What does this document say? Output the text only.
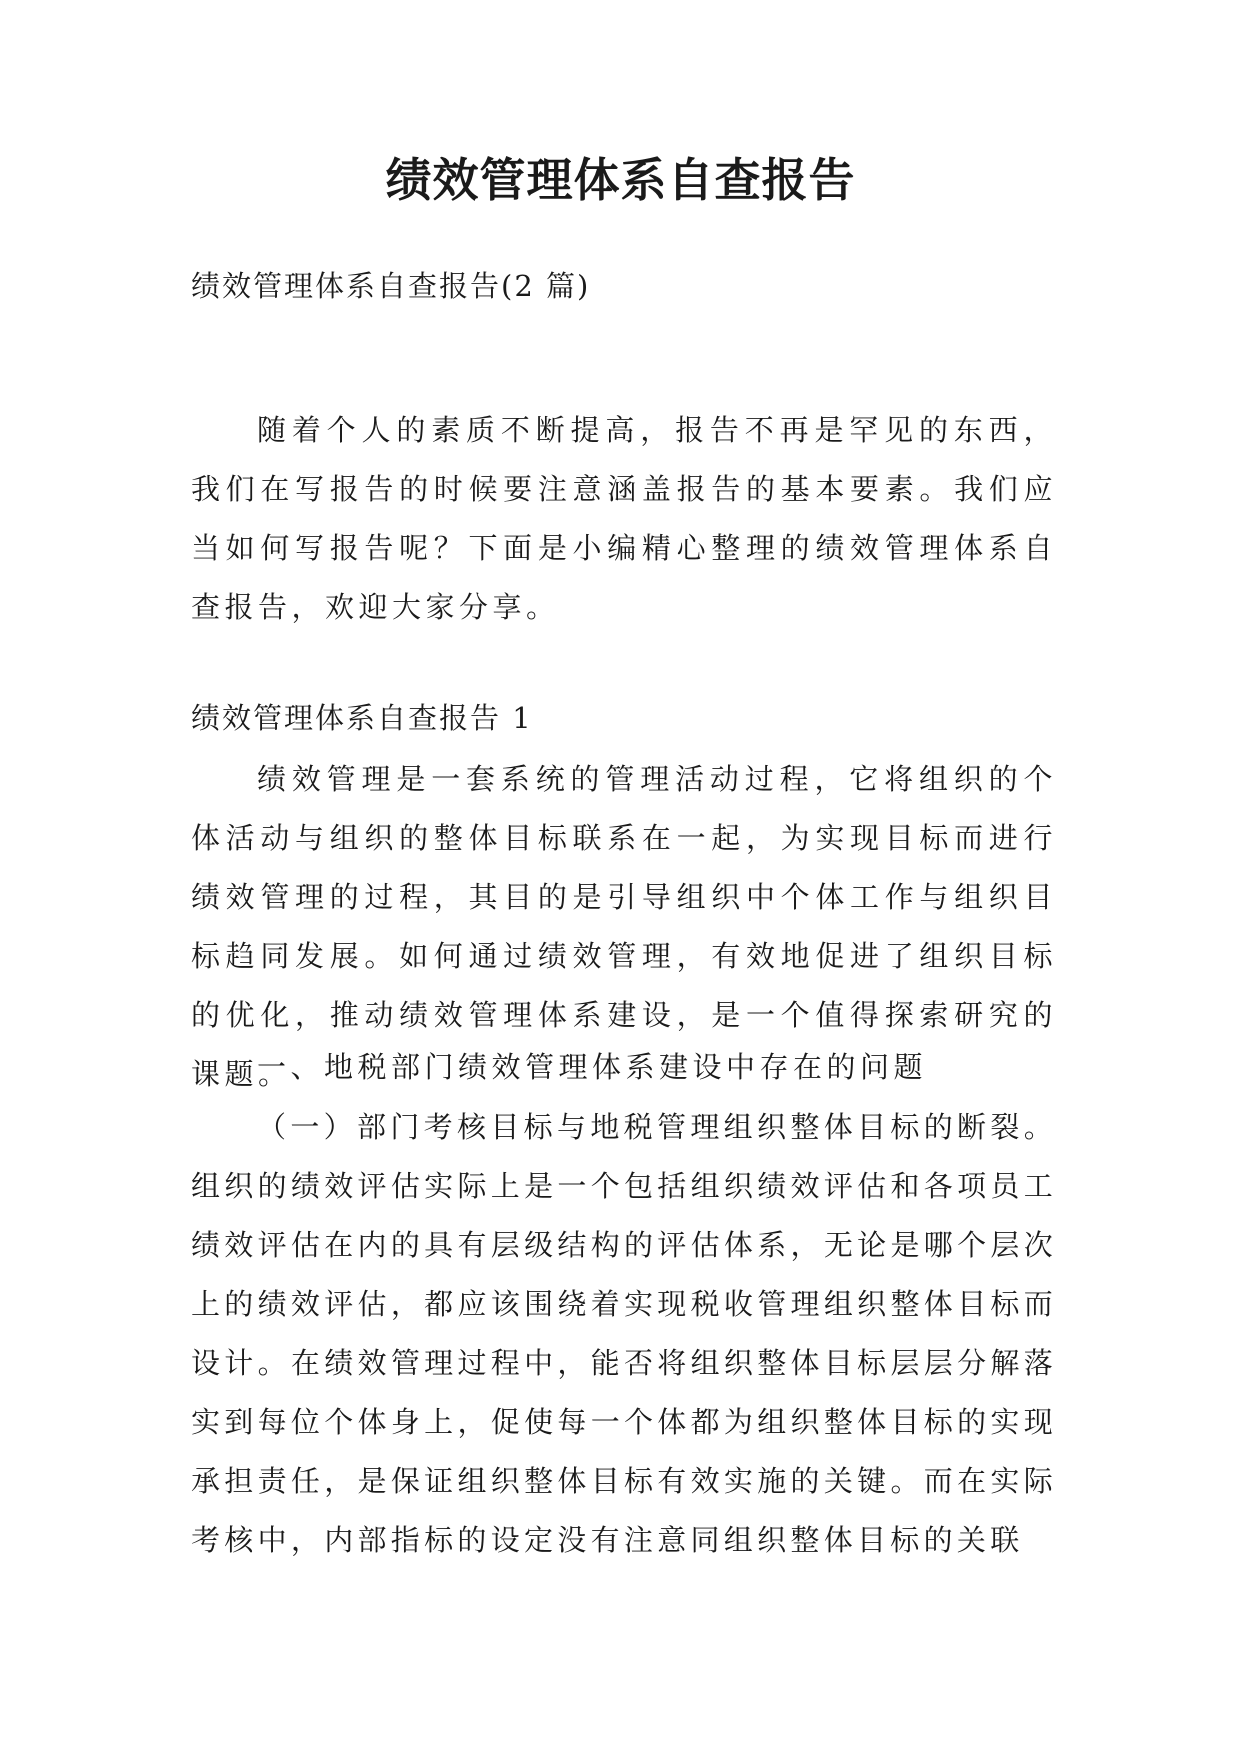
绩效管理体系自查报告

绩效管理体系自查报告(2 篇)

随着个人的素质不断提高，报告不再是罕见的东西，我们在写报告的时候要注意涵盖报告的基本要素。我们应当如何写报告呢？下面是小编精心整理的绩效管理体系自查报告，欢迎大家分享。

绩效管理体系自查报告 1

绩效管理是一套系统的管理活动过程，它将组织的个体活动与组织的整体目标联系在一起，为实现目标而进行绩效管理的过程，其目的是引导组织中个体工作与组织目标趋同发展。如何通过绩效管理，有效地促进了组织目标的优化，推动绩效管理体系建设，是一个值得探索研究的课题。

一、地税部门绩效管理体系建设中存在的问题

（一）部门考核目标与地税管理组织整体目标的断裂。组织的绩效评估实际上是一个包括组织绩效评估和各项员工绩效评估在内的具有层级结构的评估体系，无论是哪个层次上的绩效评估，都应该围绕着实现税收管理组织整体目标而设计。在绩效管理过程中，能否将组织整体目标层层分解落实到每位个体身上，促使每一个体都为组织整体目标的实现承担责任，是保证组织整体目标有效实施的关键。而在实际考核中，内部指标的设定没有注意同组织整体目标的关联
